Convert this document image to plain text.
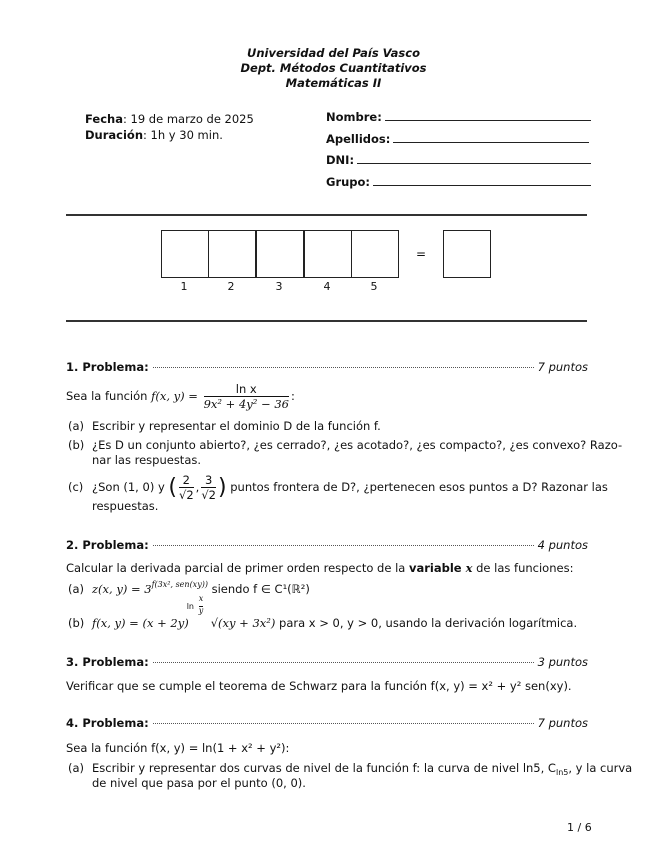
Universidad del País Vasco
Dept. Métodos Cuantitativos
Matemáticas II
Fecha: 19 de marzo de 2025
Duración: 1h y 30 min.
Nombre:
Apellidos:
DNI:
Grupo:
=
1	2	3	4	5
1. Problema:	7 puntos
Sea la función f(x, $y) = \frac{\text{ln x}}{\text{9x² + 4y² − 36}}$ :
(a) Escribir y representar el dominio D de la función f.
(b) ¿Es D un conjunto abierto?, ¿es cerrado?, ¿es acotado?, ¿es compacto?, ¿es convexo? Razo-
nar las respuestas.
(c) ¿Son (1, 0) y ( $\frac{2}{√2}$ , $\frac{3}{√2}$ ) puntos frontera de D?, ¿pertenecen esos puntos a D? Razonar las
respuestas.
2. Problema:	4 puntos
Calcular la derivada parcial de primer orden respecto de la variable x de las funciones:
(a) z(x, $y) = 3^{f(3x^2, sen(xy))}$ siendo f ∈ C¹(ℝ²)
(b) f(x, y) = (x + 2y)
ln
x
y
√(xy + 3x²) para x > 0, y > 0, usando la derivación logarítmica.
3. Problema:	3 puntos
Verificar que se cumple el teorema de Schwarz para la función f(x, y) = x² + y² sen(xy).
4. Problema:	7 puntos
Sea la función f(x, y) = ln(1 + x² + y²):
(a) Escribir y representar dos curvas de nivel de la función f: la curva de nivel ln5, $C_{ln5}$, y la curva
de nivel que pasa por el punto (0, 0).
1 / 6
